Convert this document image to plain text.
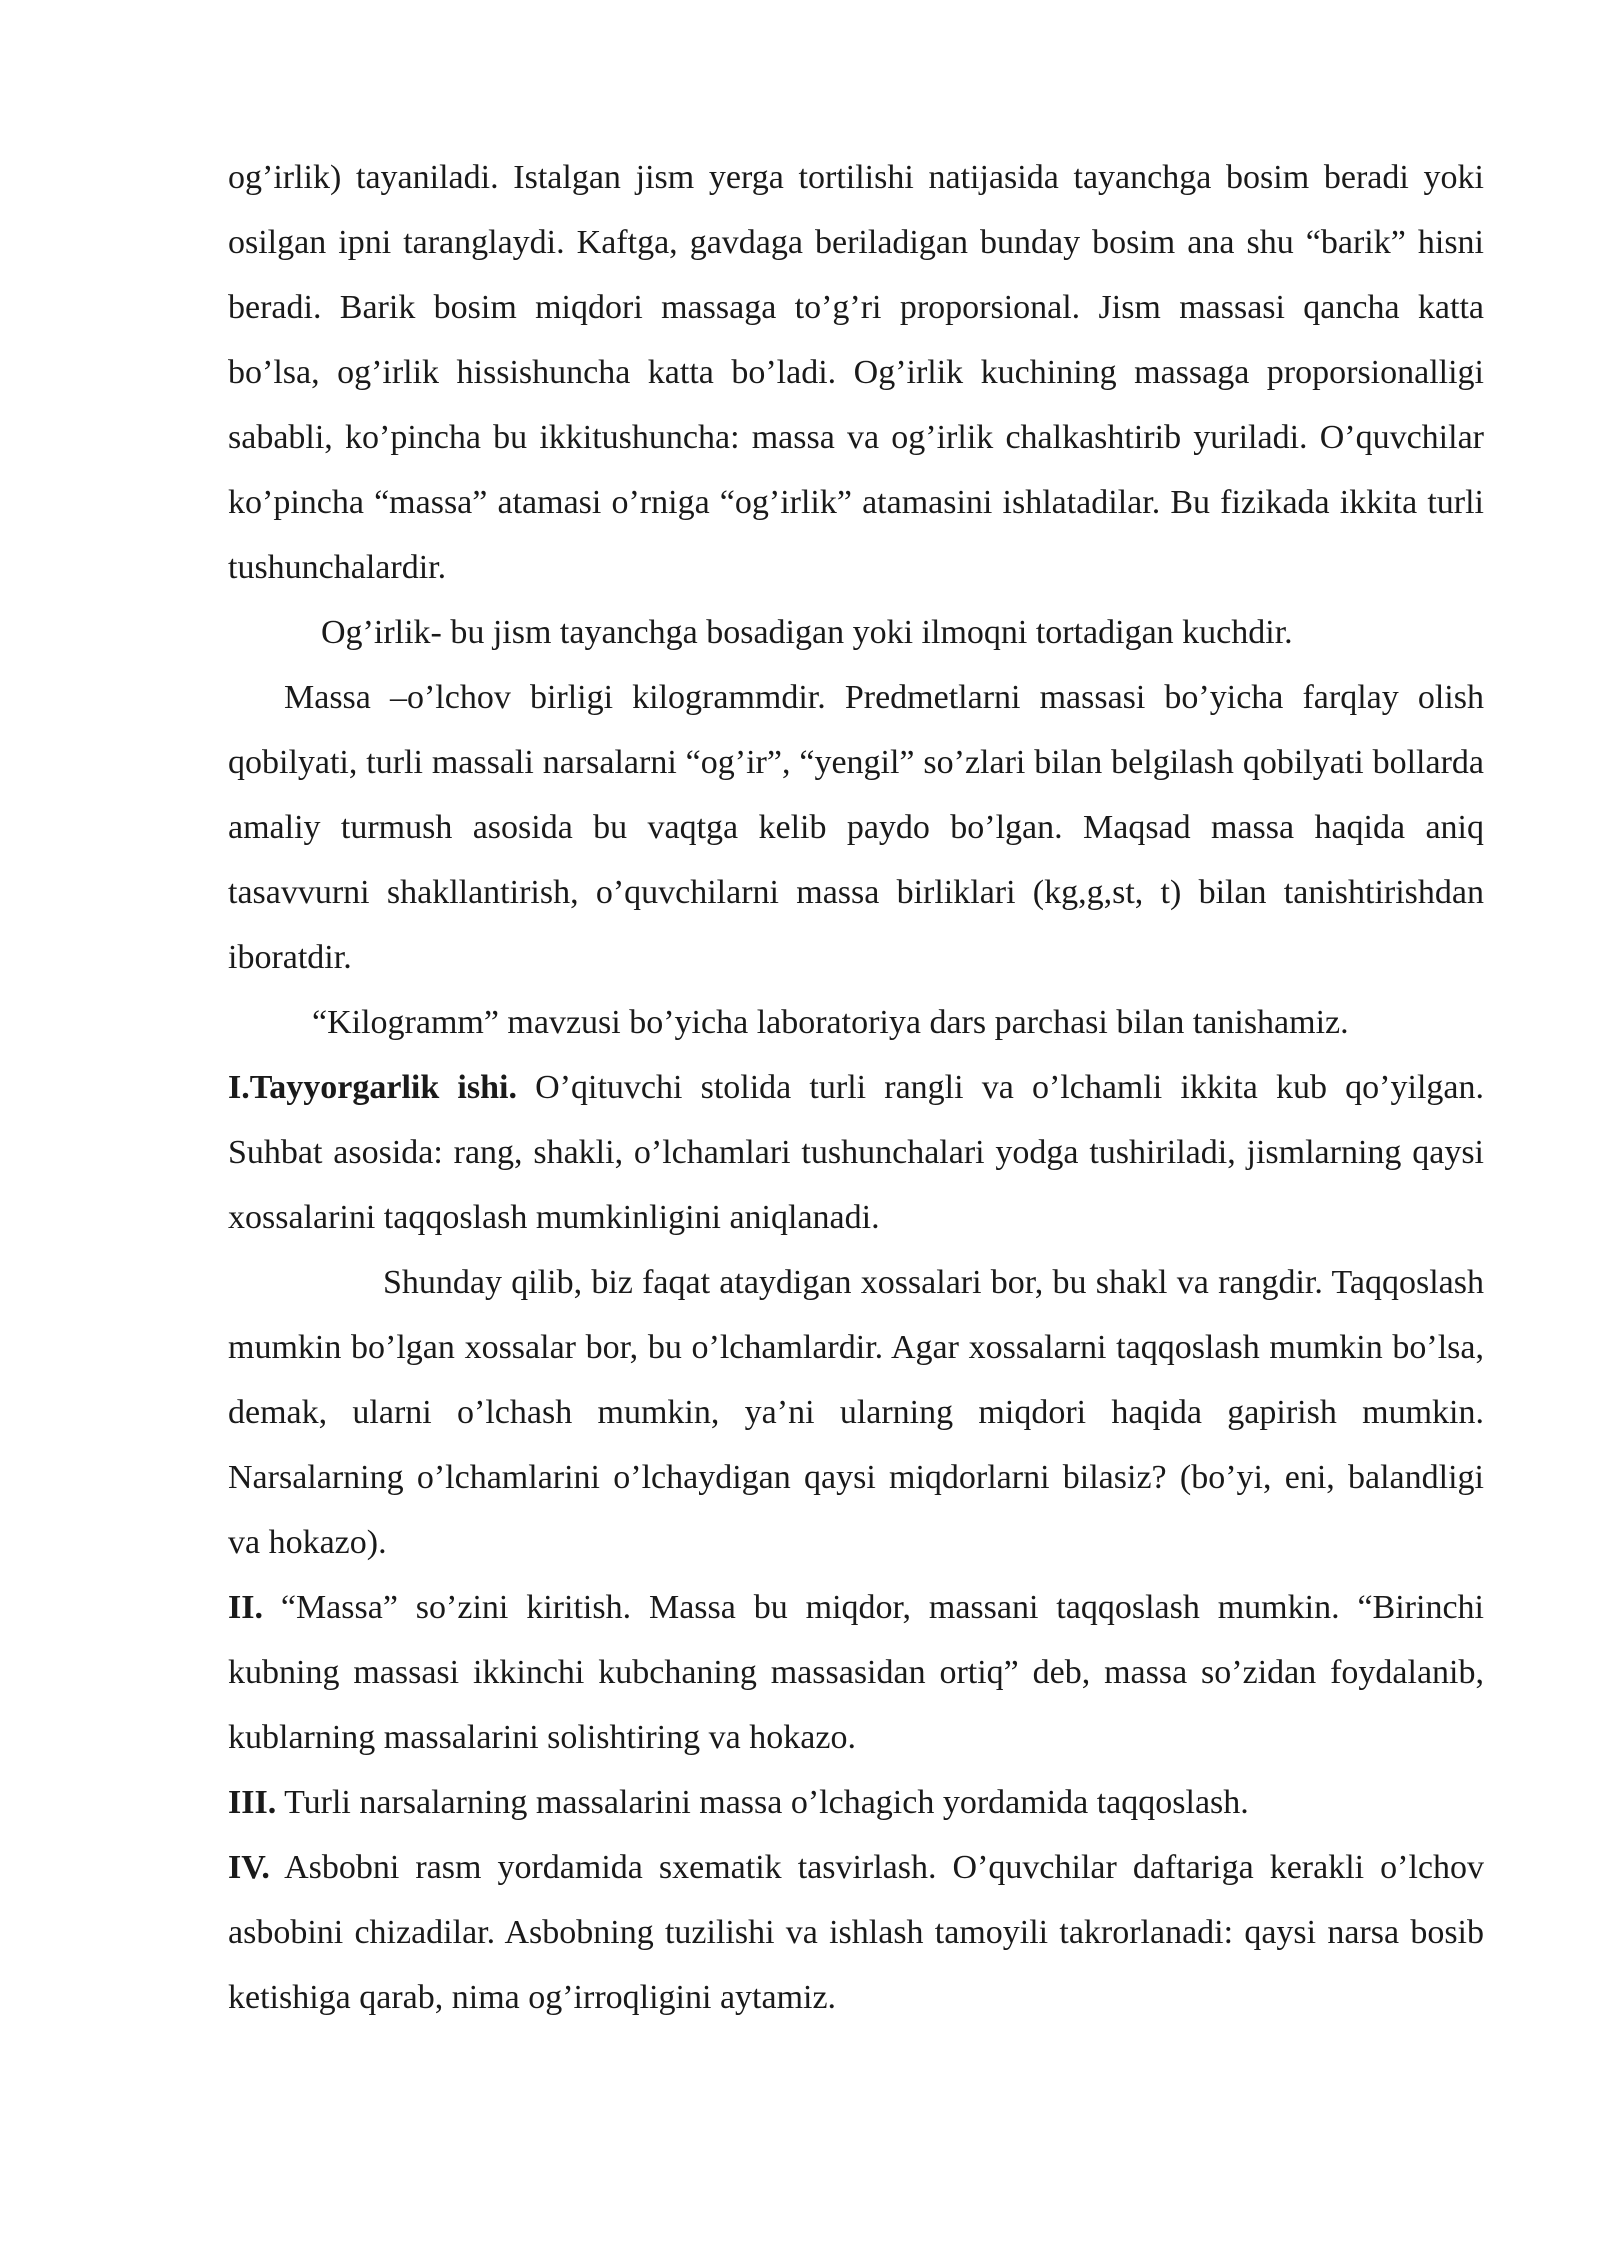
og’irlik) tayaniladi. Istalgan jism yerga tortilishi natijasida tayanchga bosim beradi yoki osilgan ipni taranglaydi. Kaftga, gavdaga beriladigan bunday bosim ana shu “barik” hisni beradi. Barik bosim miqdori massaga to’g’ri proporsional. Jism massasi qancha katta bo’lsa, og’irlik hissishuncha katta bo’ladi. Og’irlik kuchining massaga proporsionalligi sababli, ko’pincha bu ikkitushuncha: massa va og’irlik chalkashtirib yuriladi. O’quvchilar ko’pincha “massa” atamasi o’rniga “og’irlik” atamasini ishlatadilar. Bu fizikada ikkita turli tushunchalardir.

Og’irlik- bu jism tayanchga bosadigan yoki ilmoqni tortadigan kuchdir.

Massa –o’lchov birligi kilogrammdir. Predmetlarni massasi bo’yicha farqlay olish qobilyati, turli massali narsalarni “og’ir”, “yengil” so’zlari bilan belgilash qobilyati bollarda amaliy turmush asosida bu vaqtga kelib paydo bo’lgan. Maqsad massa haqida aniq tasavvurni shakllantirish, o’quvchilarni massa birliklari (kg,g,st, t) bilan tanishtirishdan iboratdir.

“Kilogramm” mavzusi bo’yicha laboratoriya dars parchasi bilan tanishamiz.

I.Tayyorgarlik ishi. O’qituvchi stolida turli rangli va o’lchamli ikkita kub qo’yilgan. Suhbat asosida: rang, shakli, o’lchamlari tushunchalari yodga tushiriladi, jismlarning qaysi xossalarini taqqoslash mumkinligini aniqlanadi.

Shunday qilib, biz faqat ataydigan xossalari bor, bu shakl va rangdir. Taqqoslash mumkin bo’lgan xossalar bor, bu o’lchamlardir. Agar xossalarni taqqoslash mumkin bo’lsa, demak, ularni o’lchash mumkin, ya’ni ularning miqdori haqida gapirish mumkin. Narsalarning o’lchamlarini o’lchaydigan qaysi miqdorlarni bilasiz? (bo’yi, eni, balandligi va hokazo).

II. “Massa” so’zini kiritish. Massa bu miqdor, massani taqqoslash mumkin. “Birinchi kubning massasi ikkinchi kubchaning massasidan ortiq” deb, massa so’zidan foydalanib, kublarning massalarini solishtiring va hokazo.

III. Turli narsalarning massalarini massa o’lchagich yordamida taqqoslash.

IV. Asbobni rasm yordamida sxematik tasvirlash. O’quvchilar daftariga kerakli o’lchov asbobini chizadilar. Asbobning tuzilishi va ishlash tamoyili takrorlanadi: qaysi narsa bosib ketishiga qarab, nima og’irroqligini aytamiz.
